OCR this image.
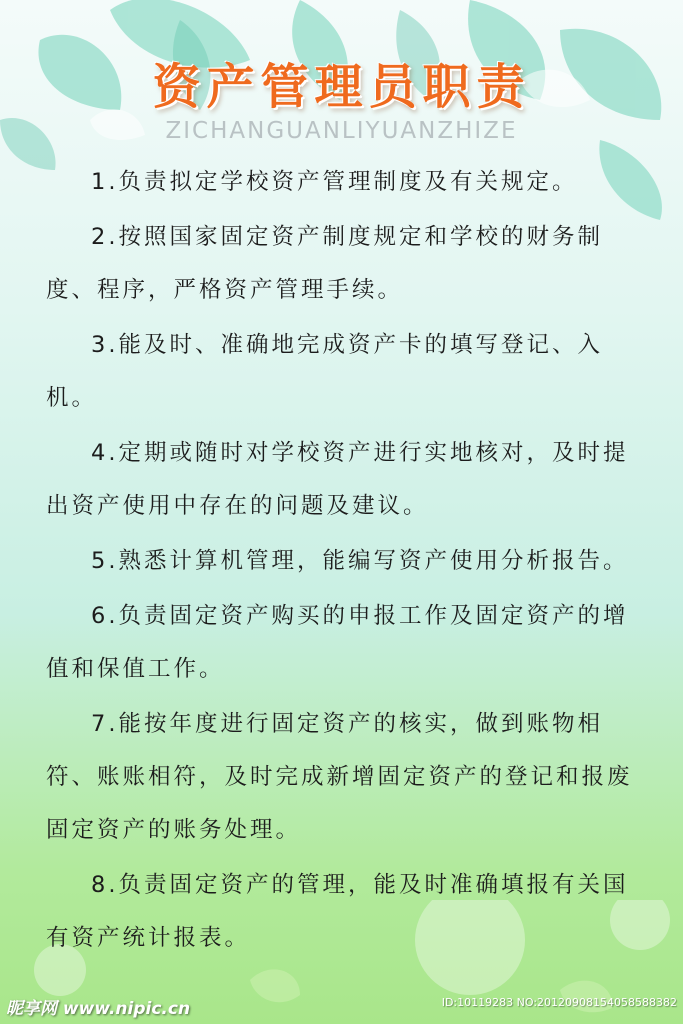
资产管理员职责
ZICHANGUANLIYUANZHIZE

1.负责拟定学校资产管理制度及有关规定。

2.按照国家固定资产制度规定和学校的财务制度、程序，严格资产管理手续。

3.能及时、准确地完成资产卡的填写登记、入机。

4.定期或随时对学校资产进行实地核对，及时提出资产使用中存在的问题及建议。

5.熟悉计算机管理，能编写资产使用分析报告。

6.负责固定资产购买的申报工作及固定资产的增值和保值工作。

7.能按年度进行固定资产的核实，做到账物相符、账账相符，及时完成新增固定资产的登记和报废固定资产的账务处理。

8.负责固定资产的管理，能及时准确填报有关国有资产统计报表。

昵享网 www.nipic.cn	ID:10119283 NO:20120908154058588382
